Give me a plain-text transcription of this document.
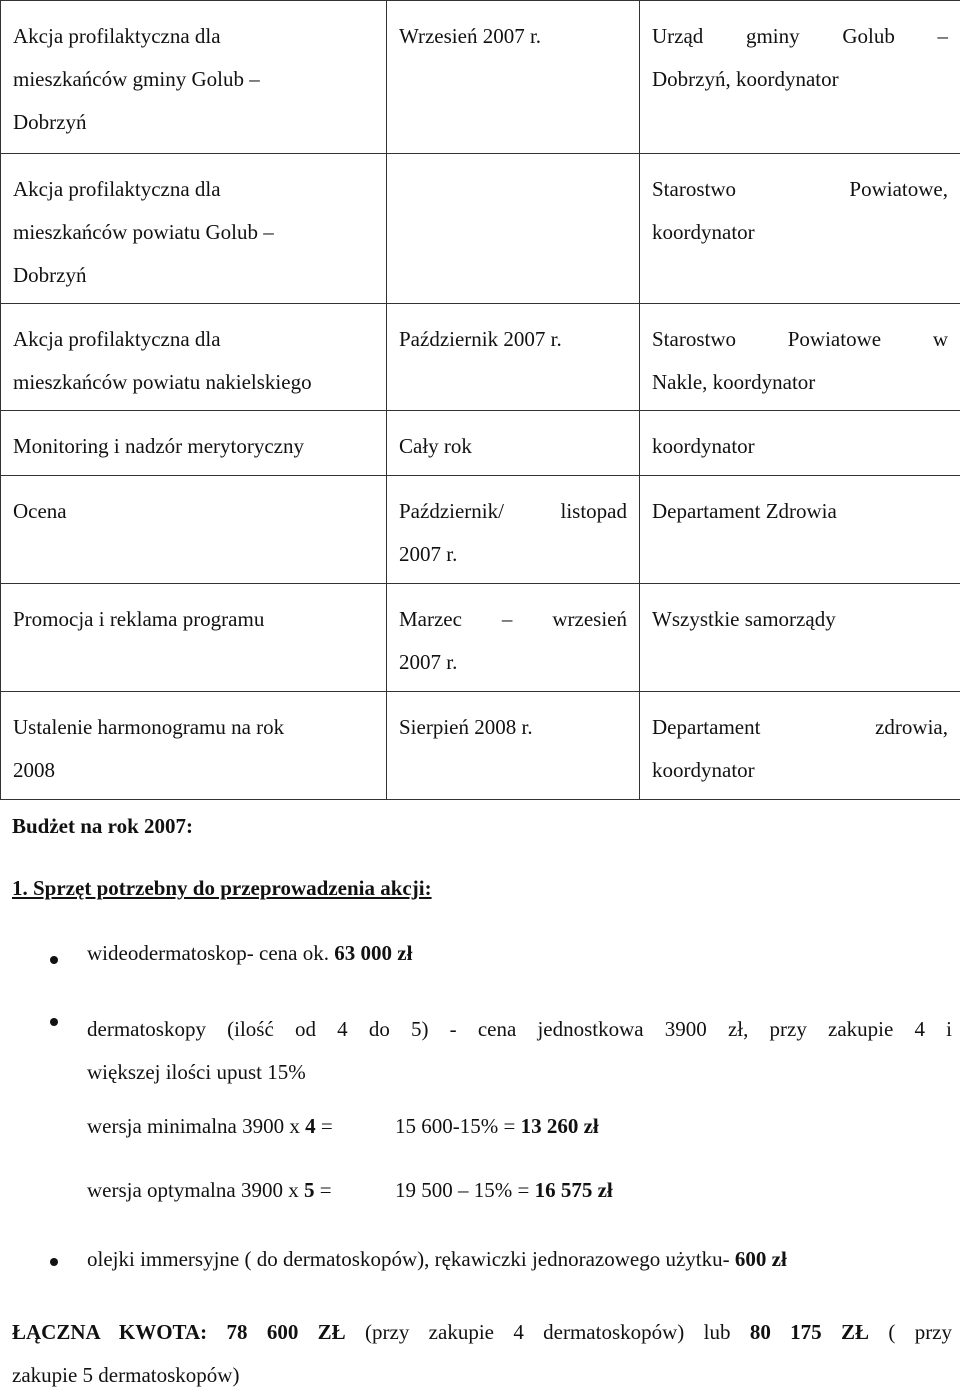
Akcja profilaktyczna dla
mieszkańców gminy Golub –
Dobrzyń	Wrzesień 2007 r.	Urząd gminy Golub –
Dobrzyń, koordynator

Akcja profilaktyczna dla
mieszkańców powiatu Golub –
Dobrzyń		Starostwo Powiatowe,
koordynator

Akcja profilaktyczna dla
mieszkańców powiatu nakielskiego	Październik 2007 r.	Starostwo Powiatowe w
Nakle, koordynator

Monitoring i nadzór merytoryczny	Cały rok	koordynator

Ocena	Październik/ listopad
2007 r.	Departament Zdrowia

Promocja i reklama programu	Marzec – wrzesień
2007 r.	Wszystkie samorządy

Ustalenie harmonogramu na rok
2008	Sierpień 2008 r.	Departament zdrowia,
koordynator
Budżet na rok 2007:
1. Sprzęt potrzebny do przeprowadzenia akcji:
wideodermatoskop- cena ok. 63 000 zł
dermatoskopy (ilość od 4 do 5) - cena jednostkowa 3900 zł, przy zakupie 4 i
większej ilości upust 15%
wersja minimalna 3900 x 4 =	15 600-15% = 13 260 zł
wersja optymalna 3900 x 5 =	19 500 – 15% = 16 575 zł
olejki immersyjne ( do dermatoskopów), rękawiczki jednorazowego użytku- 600 zł
ŁĄCZNA KWOTA: 78 600 ZŁ (przy zakupie 4 dermatoskopów) lub 80 175 ZŁ ( przy
zakupie 5 dermatoskopów)
